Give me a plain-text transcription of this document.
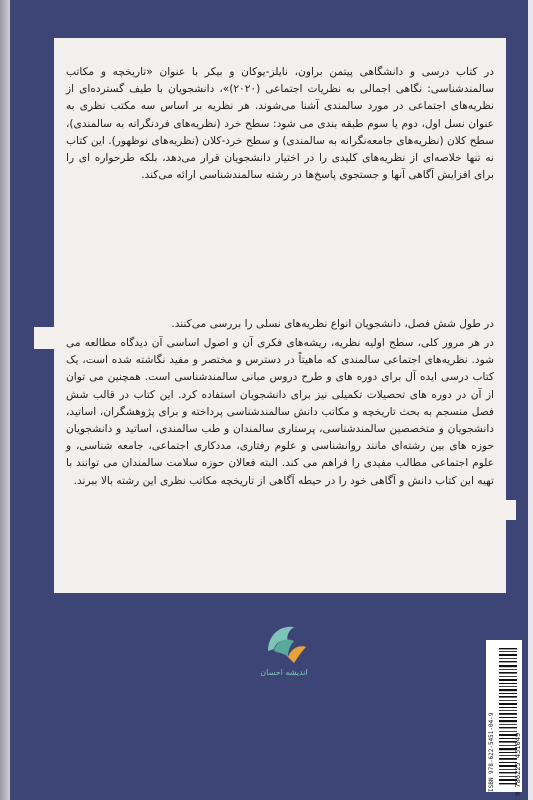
در کتاب درسی و دانشگاهی پیتمن براون، نایلز-یوکان و بیکر با عنوان «تاریخچه و مکاتب سالمندشناسی: نگاهی اجمالی به نظریات اجتماعی (۲۰۲۰)»، دانشجویان با طیف گسترده‌ای از نظریه‌های اجتماعی در مورد سالمندی آشنا می‌شوند. هر نظریه بر اساس سه مکتب نظری به عنوان نسل اول، دوم یا سوم طبقه بندی می شود: سطح خرد (نظریه‌های فردنگرانه به سالمندی)، سطح کلان (نظریه‌های جامعه‌نگرانه به سالمندی) و سطح خرد-کلان (نظریه‌های نوظهور). این کتاب نه تنها خلاصه‌ای از نظریه‌های کلیدی را در اختیار دانشجویان قرار می‌دهد، بلکه طرحواره ای را برای افزایش آگاهی آنها و جستجوی پاسخ‌ها در رشته سالمندشناسی ارائه می‌کند.
در طول شش فصل، دانشجویان انواع نظریه‌های نسلی را بررسی می‌کنند.
در هر مرور کلی، سطح اولیه نظریه، ریشه‌های فکری آن و اصول اساسی آن دیدگاه مطالعه می شود. نظریه‌های اجتماعی سالمندی که ماهیتاً در دسترس و مختصر و مفید نگاشته شده است، یک کتاب درسی ایده آل برای دوره های و طرح دروس مبانی سالمندشناسی است. همچنین می توان از آن در دوره های تحصیلات تکمیلی نیز برای دانشجویان استفاده کرد. این کتاب در قالب شش فصل منسجم به بحث تاریخچه و مکاتب دانش سالمندشناسی پرداخته و برای پژوهشگران، اساتید، دانشجویان و متخصصین سالمندشناسی، پرستاری سالمندان و طب سالمندی، اساتید و دانشجویان حوزه های بین رشته‌ای مانند روانشناسی و علوم رفتاری، مددکاری اجتماعی، جامعه شناسی، و علوم اجتماعی مطالب مفیدی را فراهم می کند. البته فعالان حوزه سلامت سالمندان می توانند با تهیه این کتاب دانش و آگاهی خود را در حیطه آگاهی از تاریخچه مکاتب نظری این رشته بالا ببرند.
اندیشه احسان
ISBN 978-622-5451-04-9	9 786225 451049
